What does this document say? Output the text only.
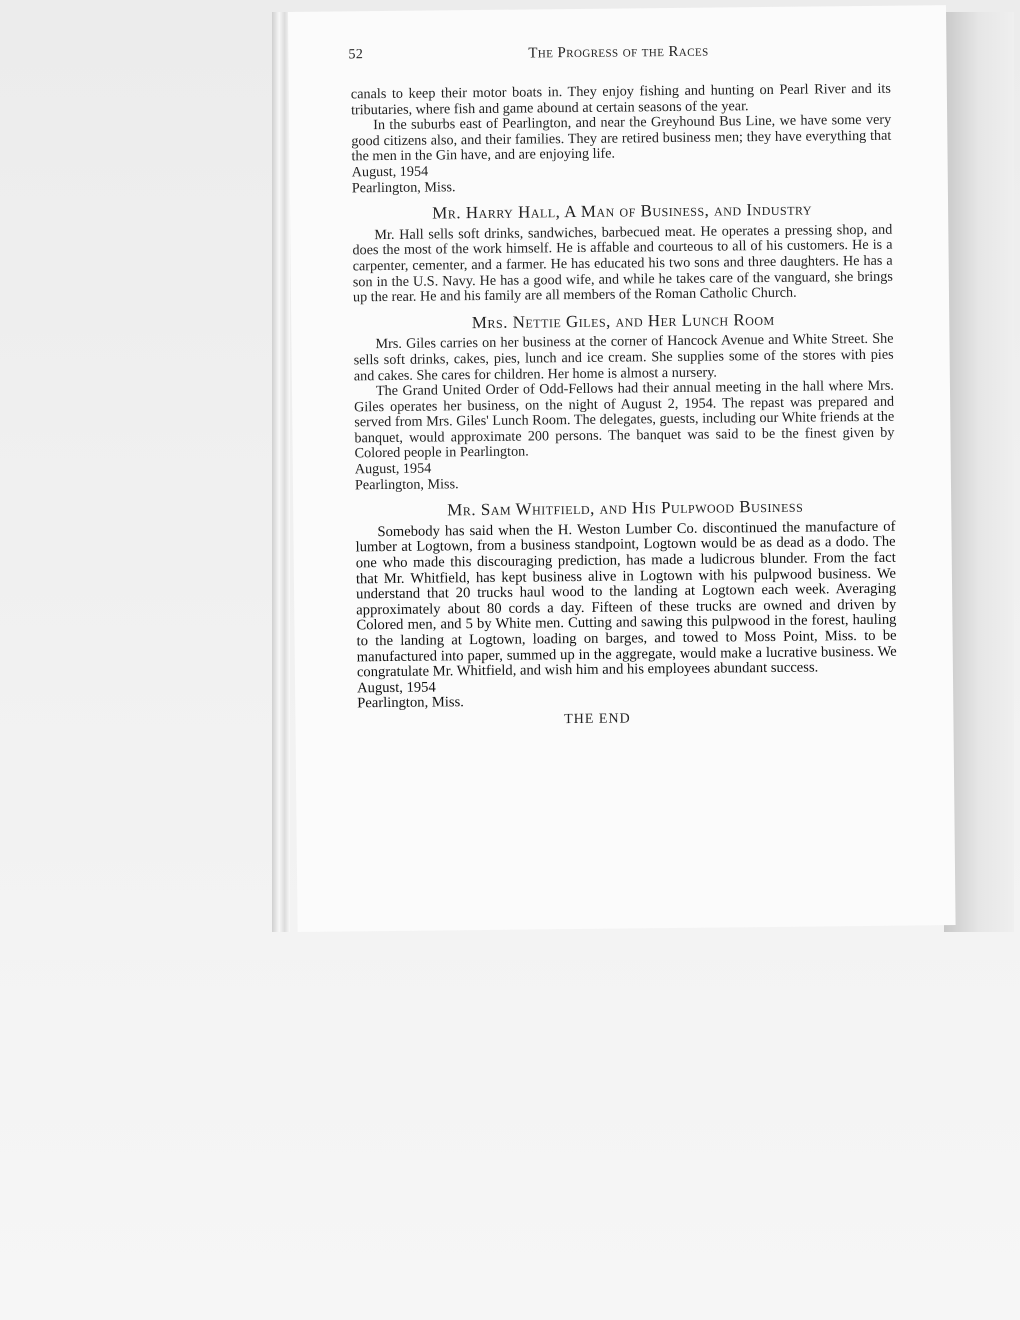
52	The Progress of the Races

canals to keep their motor boats in. They enjoy fishing and hunting on Pearl River and its tributaries, where fish and game abound at certain seasons of the year.

In the suburbs east of Pearlington, and near the Greyhound Bus Line, we have some very good citizens also, and their families. They are retired business men; they have everything that the men in the Gin have, and are enjoying life.

August, 1954
Pearlington, Miss.
Mr. Harry Hall, A Man of Business, and Industry

Mr. Hall sells soft drinks, sandwiches, barbecued meat. He operates a pressing shop, and does the most of the work himself. He is affable and courteous to all of his customers. He is a carpenter, cementer, and a farmer. He has educated his two sons and three daughters. He has a son in the U.S. Navy. He has a good wife, and while he takes care of the vanguard, she brings up the rear. He and his family are all members of the Roman Catholic Church.

Mrs. Nettie Giles, and Her Lunch Room

Mrs. Giles carries on her business at the corner of Hancock Avenue and White Street. She sells soft drinks, cakes, pies, lunch and ice cream. She supplies some of the stores with pies and cakes. She cares for children. Her home is almost a nursery.

The Grand United Order of Odd-Fellows had their annual meeting in the hall where Mrs. Giles operates her business, on the night of August 2, 1954. The repast was prepared and served from Mrs. Giles' Lunch Room. The delegates, guests, including our White friends at the banquet, would approximate 200 persons. The banquet was said to be the finest given by Colored people in Pearlington.

August, 1954
Pearlington, Miss.
Mr. Sam Whitfield, and His Pulpwood Business

Somebody has said when the H. Weston Lumber Co. discontinued the manufacture of lumber at Logtown, from a business standpoint, Logtown would be as dead as a dodo. The one who made this discouraging prediction, has made a ludicrous blunder. From the fact that Mr. Whitfield, has kept business alive in Logtown with his pulpwood business. We understand that 20 trucks haul wood to the landing at Logtown each week. Averaging approximately about 80 cords a day. Fifteen of these trucks are owned and driven by Colored men, and 5 by White men. Cutting and sawing this pulpwood in the forest, hauling to the landing at Logtown, loading on barges, and towed to Moss Point, Miss. to be manufactured into paper, summed up in the aggregate, would make a lucrative business. We congratulate Mr. Whitfield, and wish him and his employees abundant success.

August, 1954
Pearlington, Miss.
THE END
